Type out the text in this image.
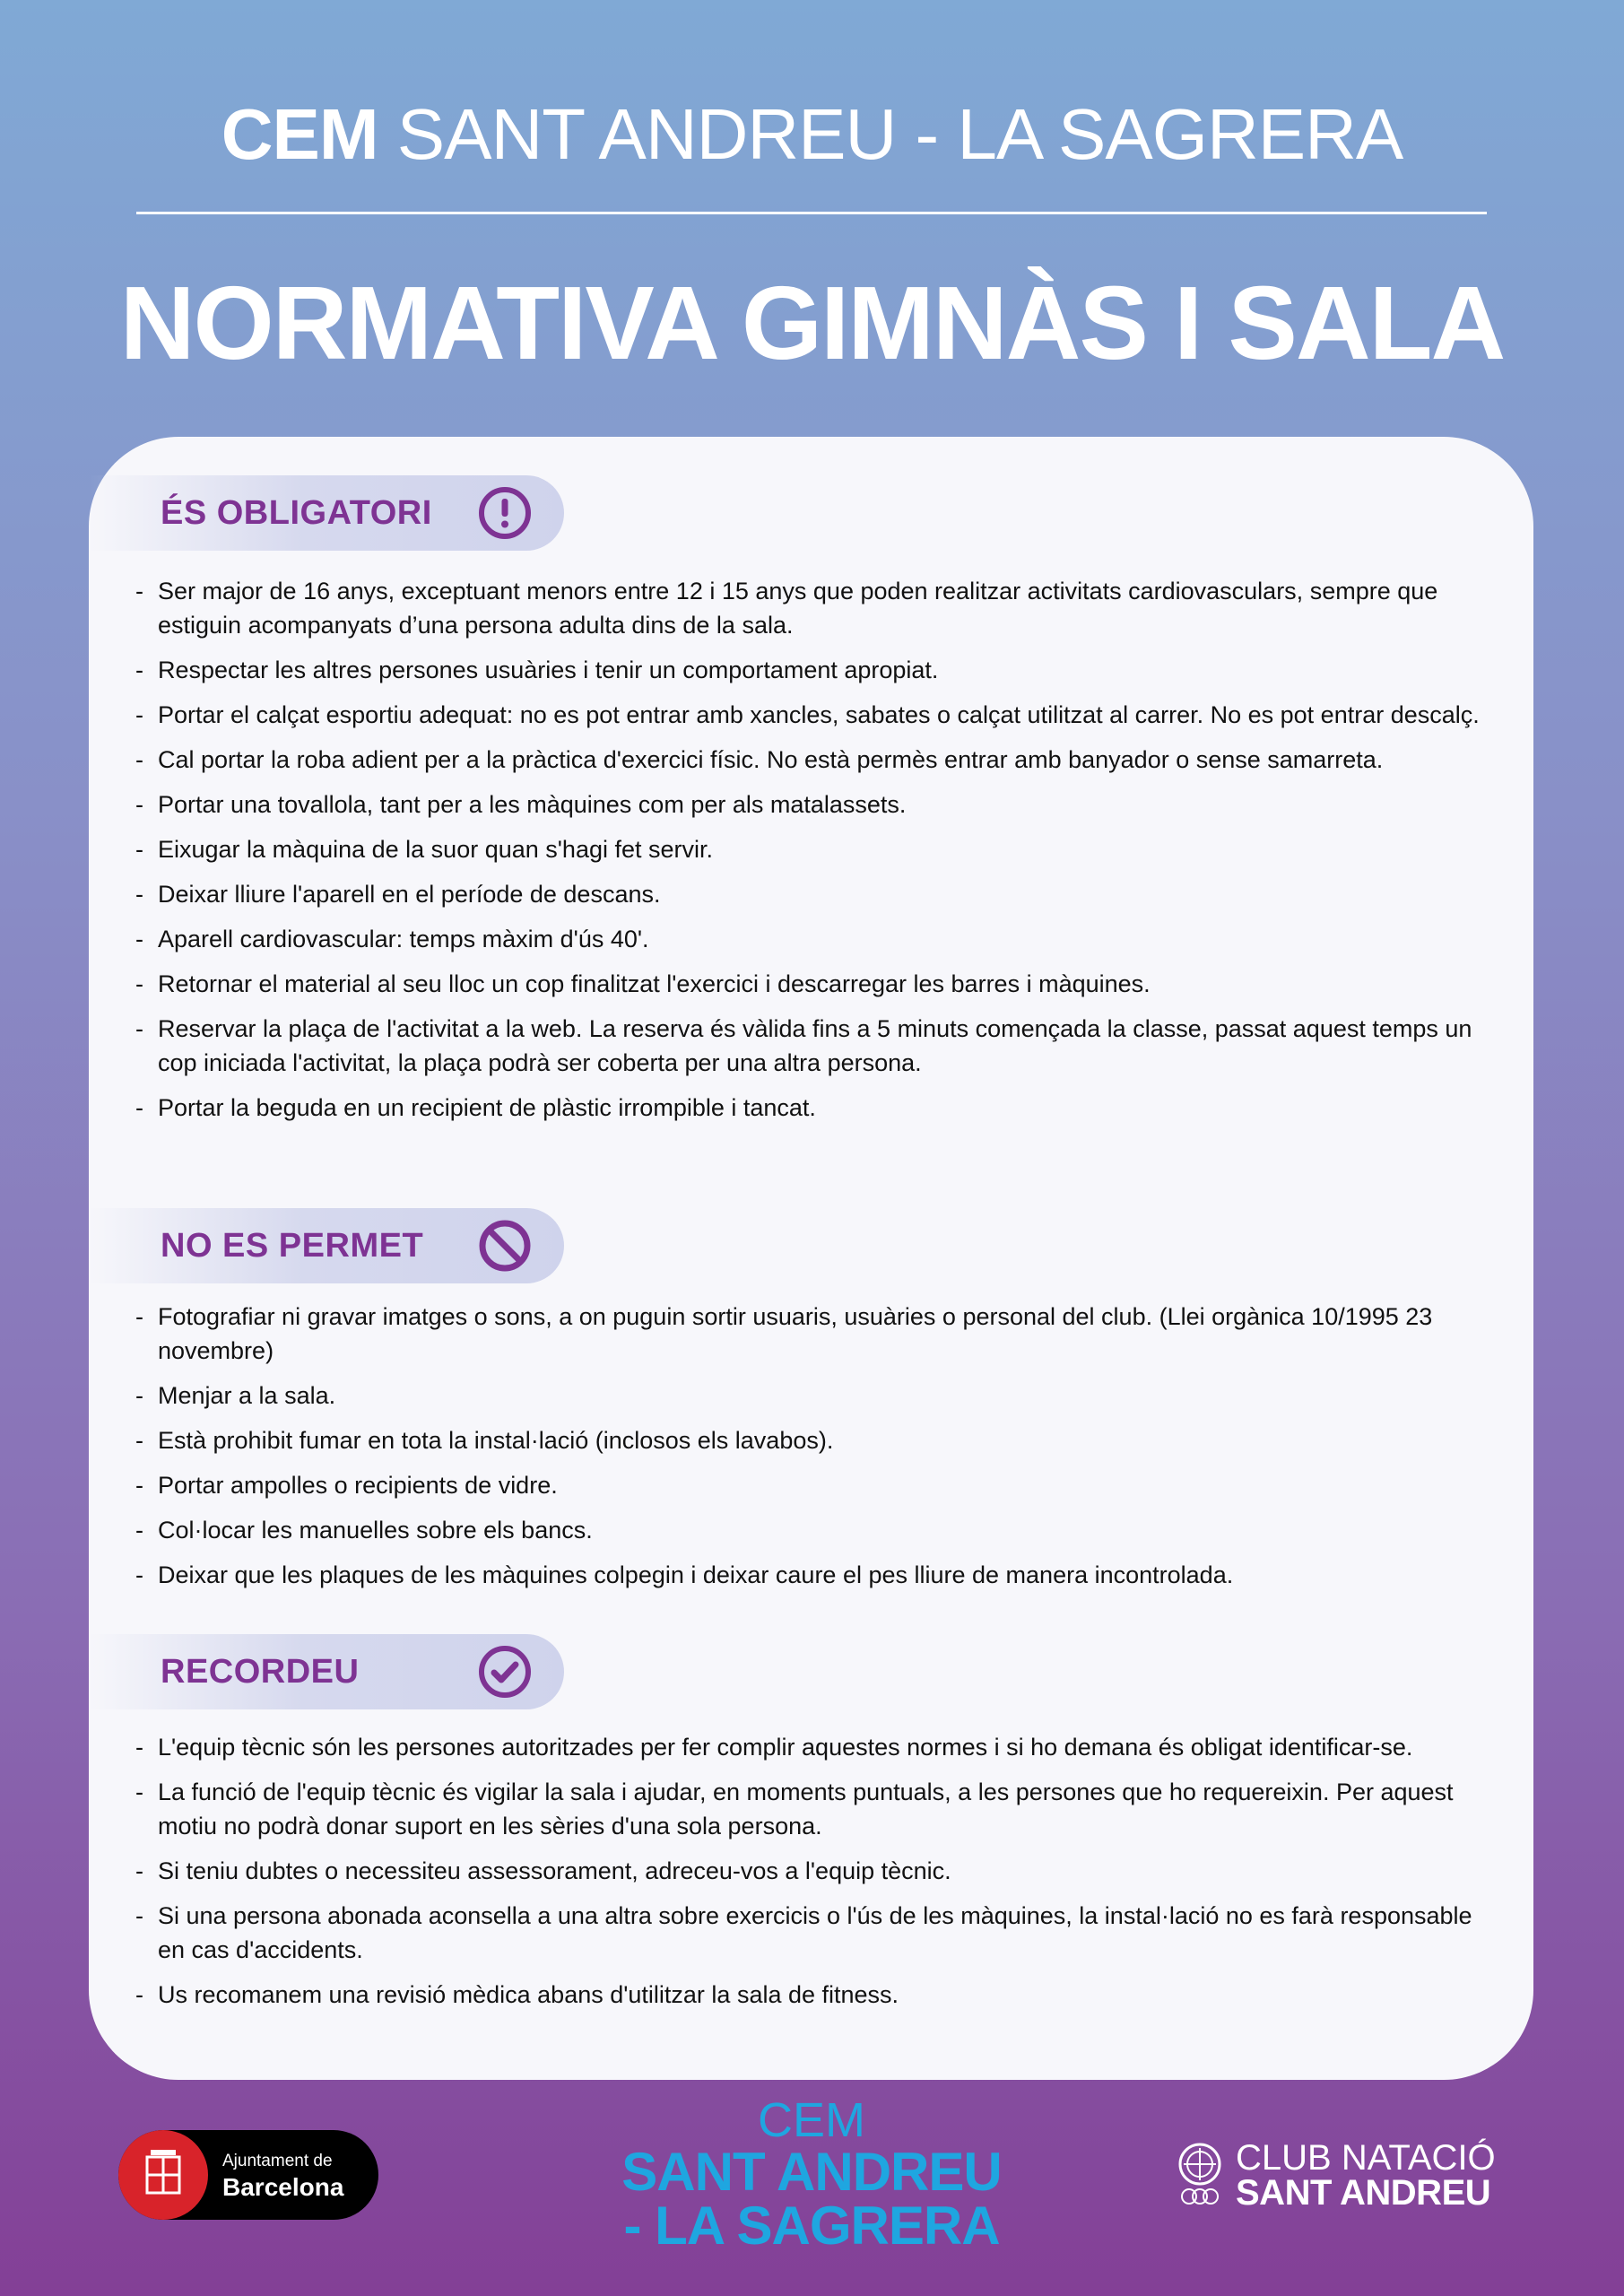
CEM SANT ANDREU - LA SAGRERA
NORMATIVA GIMNÀS I SALA
ÉS OBLIGATORI
- Ser major de 16 anys, exceptuant menors entre 12 i 15 anys que poden realitzar activitats cardiovasculars, sempre que estiguin acompanyats d’una persona adulta dins de la sala.
- Respectar les altres persones usuàries i tenir un comportament apropiat.
- Portar el calçat esportiu adequat: no es pot entrar amb xancles, sabates o calçat utilitzat al carrer. No es pot entrar descalç.
- Cal portar la roba adient per a la pràctica d'exercici físic. No està permès entrar amb banyador o sense samarreta.
- Portar una tovallola, tant per a les màquines com per als matalassets.
- Eixugar la màquina de la suor quan s'hagi fet servir.
- Deixar lliure l'aparell en el període de descans.
- Aparell cardiovascular: temps màxim d'ús 40'.
- Retornar el material al seu lloc un cop finalitzat l'exercici i descarregar les barres i màquines.
- Reservar la plaça de l'activitat a la web. La reserva és vàlida fins a 5 minuts començada la classe, passat aquest temps un cop iniciada l'activitat, la plaça podrà ser coberta per una altra persona.
- Portar la beguda en un recipient de plàstic irrompible i tancat.
NO ES PERMET
- Fotografiar ni gravar imatges o sons, a on puguin sortir usuaris, usuàries o personal del club. (Llei orgànica 10/1995 23 novembre)
- Menjar a la sala.
- Està prohibit fumar en tota la instal·lació (inclosos els lavabos).
- Portar ampolles o recipients de vidre.
- Col·locar les manuelles sobre els bancs.
- Deixar que les plaques de les màquines colpegin i deixar caure el pes lliure de manera incontrolada.
RECORDEU
- L'equip tècnic són les persones autoritzades per fer complir aquestes normes i si ho demana és obligat identificar-se.
- La funció de l'equip tècnic és vigilar la sala i ajudar, en moments puntuals, a les persones que ho requereixin. Per aquest motiu no podrà donar suport en les sèries d'una sola persona.
- Si teniu dubtes o necessiteu assessorament, adreceu-vos a l'equip tècnic.
- Si una persona abonada aconsella a una altra sobre exercicis o l'ús de les màquines, la instal·lació no es farà responsable en cas d'accidents.
- Us recomanem una revisió mèdica abans d'utilitzar la sala de fitness.
Ajuntament de
Barcelona
CEM
SANT ANDREU
- LA SAGRERA
CLUB NATACIÓ
SANT ANDREU
